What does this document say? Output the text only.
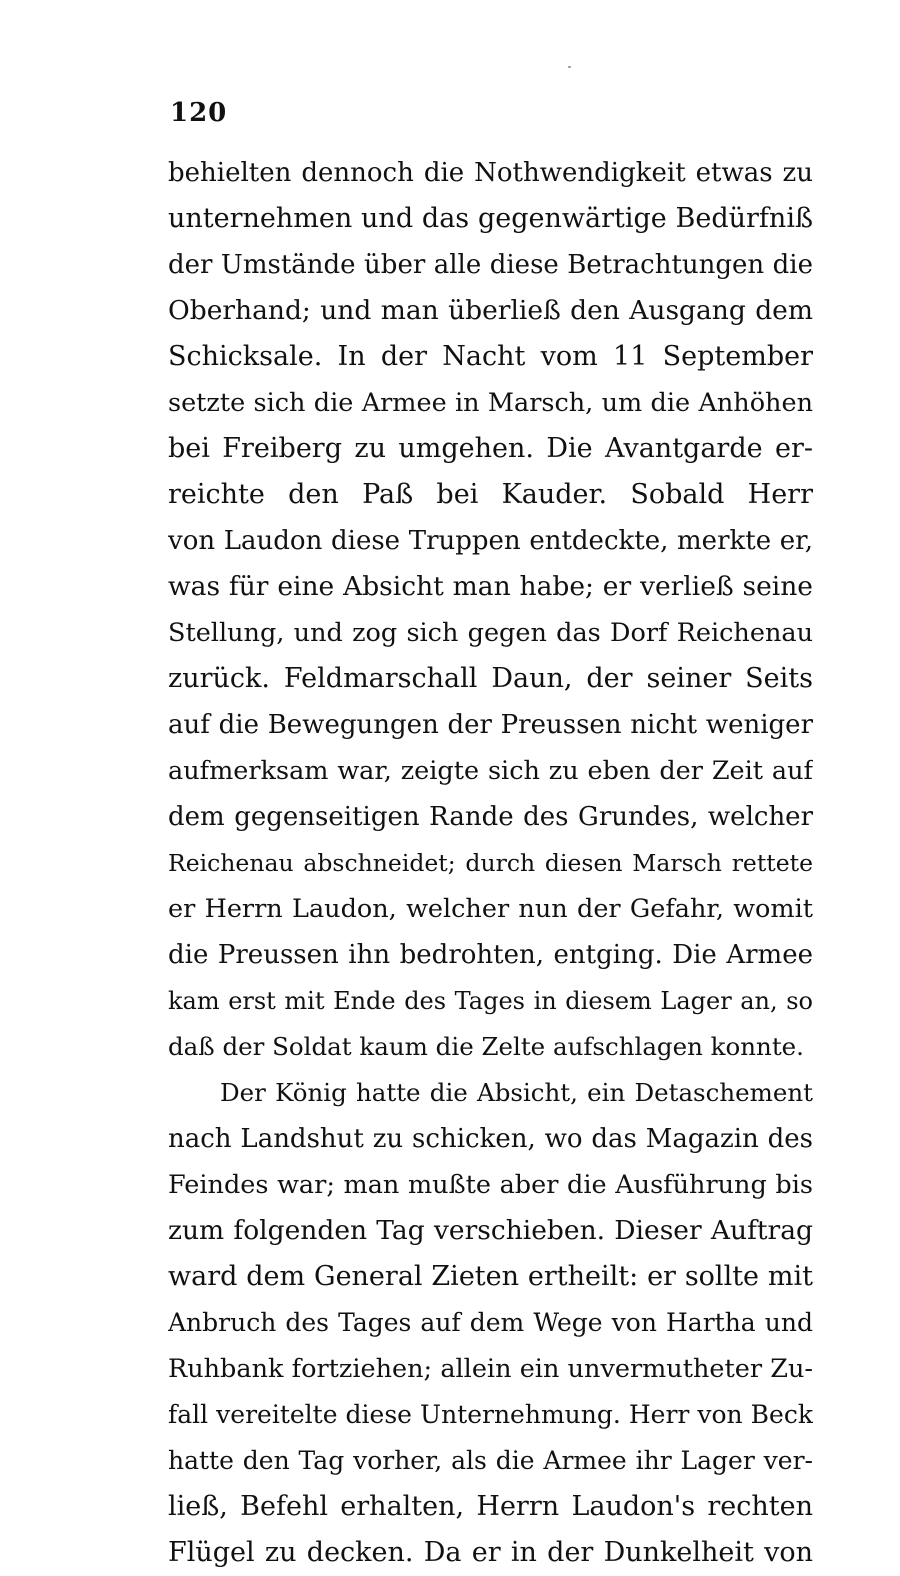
120
behielten dennoch die Nothwendigkeit etwas zu
unternehmen und das gegenwärtige Bedürfniß
der Umstände über alle diese Betrachtungen die
Oberhand; und man überließ den Ausgang dem
Schicksale. In der Nacht vom 11 September
setzte sich die Armee in Marsch, um die Anhöhen
bei Freiberg zu umgehen. Die Avantgarde er-
reichte den Paß bei Kauder. Sobald Herr
von Laudon diese Truppen entdeckte, merkte er,
was für eine Absicht man habe; er verließ seine
Stellung, und zog sich gegen das Dorf Reichenau
zurück. Feldmarschall Daun, der seiner Seits
auf die Bewegungen der Preussen nicht weniger
aufmerksam war, zeigte sich zu eben der Zeit auf
dem gegenseitigen Rande des Grundes, welcher
Reichenau abschneidet; durch diesen Marsch rettete
er Herrn Laudon, welcher nun der Gefahr, womit
die Preussen ihn bedrohten, entging. Die Armee
kam erst mit Ende des Tages in diesem Lager an, so
daß der Soldat kaum die Zelte aufschlagen konnte.
Der König hatte die Absicht, ein Detaschement
nach Landshut zu schicken, wo das Magazin des
Feindes war; man mußte aber die Ausführung bis
zum folgenden Tag verschieben. Dieser Auftrag
ward dem General Zieten ertheilt: er sollte mit
Anbruch des Tages auf dem Wege von Hartha und
Ruhbank fortziehen; allein ein unvermutheter Zu-
fall vereitelte diese Unternehmung. Herr von Beck
hatte den Tag vorher, als die Armee ihr Lager ver-
ließ, Befehl erhalten, Herrn Laudon's rechten
Flügel zu decken. Da er in der Dunkelheit von
